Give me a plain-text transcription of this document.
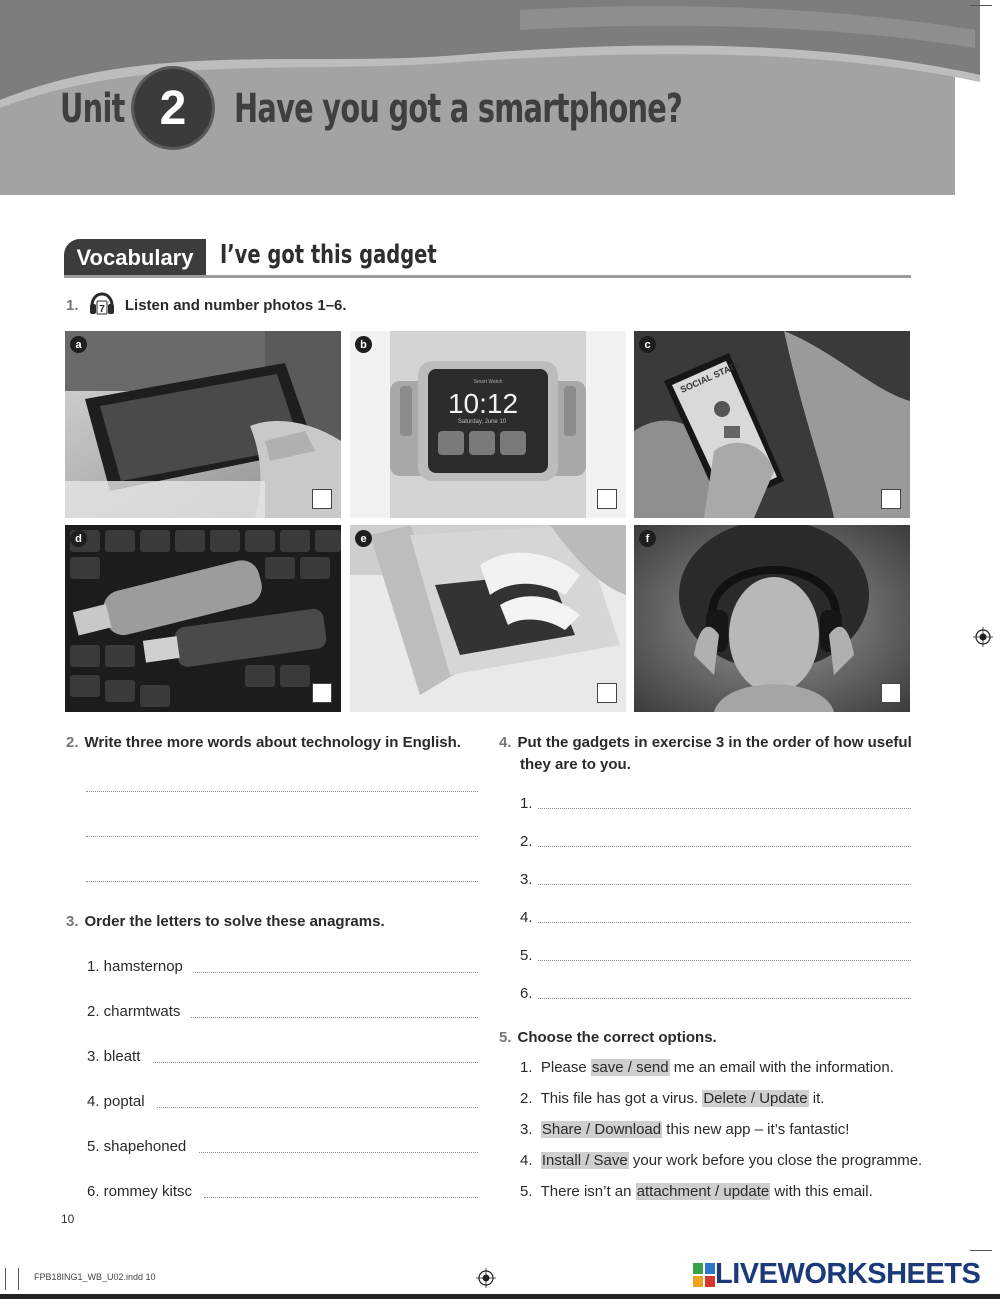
Unit 2	Have you got a smartphone?
Vocabulary	I’ve got this gadget
1. 7 Listen and number photos 1–6.
a
Smart Watch
10:12
Saturday, June 10
b
SOCIAL STATS
c
d	e	f
2. Write three more words about technology in English.
3. Order the letters to solve these anagrams.
1. hamsternop
2. charmtwats
3. bleatt
4. poptal
5. shapehoned
6. rommey kitsc
4. Put the gadgets in exercise 3 in the order of how useful
they are to you.
1.
2.
3.
4.
5.
6.
5. Choose the correct options.
1. Please save / send me an email with the information.
2. This file has got a virus. Delete / Update it.
3. Share / Download this new app – it’s fantastic!
4. Install / Save your work before you close the programme.
5. There isn’t an attachment / update with this email.
10
FPB18ING1_WB_U02.indd 10	LIVEWORKSHEETS
